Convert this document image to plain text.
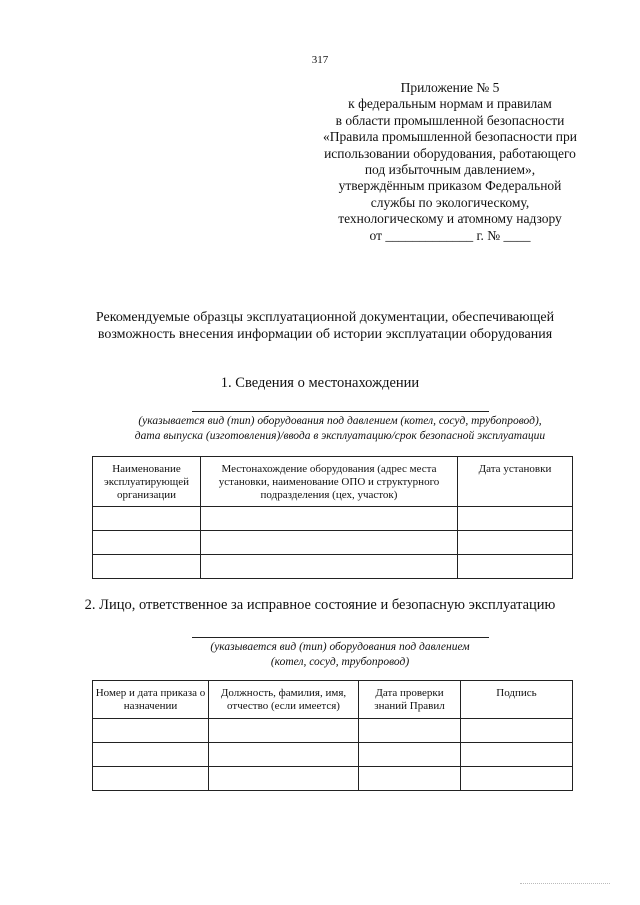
317
Приложение № 5
к федеральным нормам и правилам
в области промышленной безопасности
«Правила промышленной безопасности при
использовании оборудования, работающего
под избыточным давлением»,
утверждённым приказом Федеральной
службы по экологическому,
технологическому и атомному надзору
от _____________ г. № ____
Рекомендуемые образцы эксплуатационной документации, обеспечивающей
возможность внесения информации об истории эксплуатации оборудования
1. Сведения о местонахождении
(указывается вид (тип) оборудования под давлением (котел, сосуд, трубопровод),
дата выпуска (изготовления)/ввода в эксплуатацию/срок безопасной эксплуатации
Наименование эксплуатирующей организации	Местонахождение оборудования (адрес места установки, наименование ОПО и структурного подразделения (цех, участок)	Дата установки

2. Лицо, ответственное за исправное состояние и безопасную эксплуатацию
(указывается вид (тип) оборудования под давлением
(котел, сосуд, трубопровод)
Номер и дата приказа о назначении	Должность, фамилия, имя, отчество (если имеется)	Дата проверки знаний Правил	Подпись
